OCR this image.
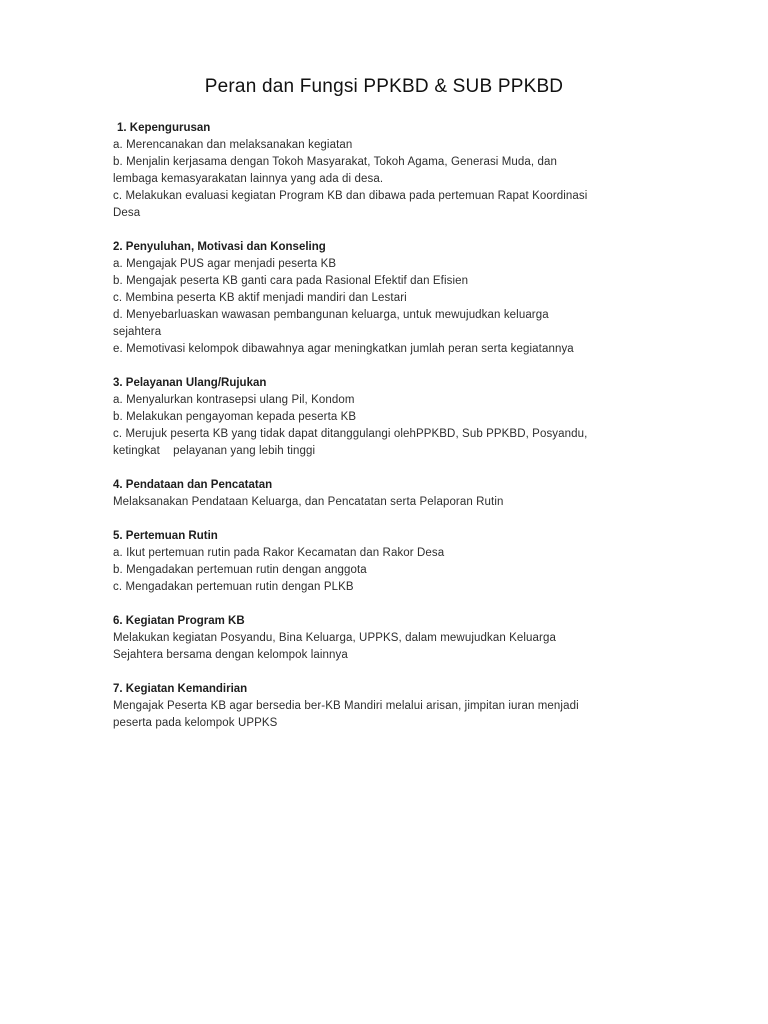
Peran dan Fungsi PPKBD & SUB PPKBD

1. Kepengurusan

a. Merencanakan dan melaksanakan kegiatan

b. Menjalin kerjasama dengan Tokoh Masyarakat, Tokoh Agama, Generasi Muda, dan

lembaga kemasyarakatan lainnya yang ada di desa.

c. Melakukan evaluasi kegiatan Program KB dan dibawa pada pertemuan Rapat Koordinasi

Desa

2. Penyuluhan, Motivasi dan Konseling

a. Mengajak PUS agar menjadi peserta KB

b. Mengajak peserta KB ganti cara pada Rasional Efektif dan Efisien

c. Membina peserta KB aktif menjadi mandiri dan Lestari

d. Menyebarluaskan wawasan pembangunan keluarga, untuk mewujudkan keluarga

sejahtera

e. Memotivasi kelompok dibawahnya agar meningkatkan jumlah peran serta kegiatannya

3. Pelayanan Ulang/Rujukan

a. Menyalurkan kontrasepsi ulang Pil, Kondom

b. Melakukan pengayoman kepada peserta KB

c. Merujuk peserta KB yang tidak dapat ditanggulangi olehPPKBD, Sub PPKBD, Posyandu,

ketingkat    pelayanan yang lebih tinggi

4. Pendataan dan Pencatatan

Melaksanakan Pendataan Keluarga, dan Pencatatan serta Pelaporan Rutin

5. Pertemuan Rutin

a. Ikut pertemuan rutin pada Rakor Kecamatan dan Rakor Desa

b. Mengadakan pertemuan rutin dengan anggota

c. Mengadakan pertemuan rutin dengan PLKB

6. Kegiatan Program KB

Melakukan kegiatan Posyandu, Bina Keluarga, UPPKS, dalam mewujudkan Keluarga

Sejahtera bersama dengan kelompok lainnya

7. Kegiatan Kemandirian

Mengajak Peserta KB agar bersedia ber-KB Mandiri melalui arisan, jimpitan iuran menjadi

peserta pada kelompok UPPKS
